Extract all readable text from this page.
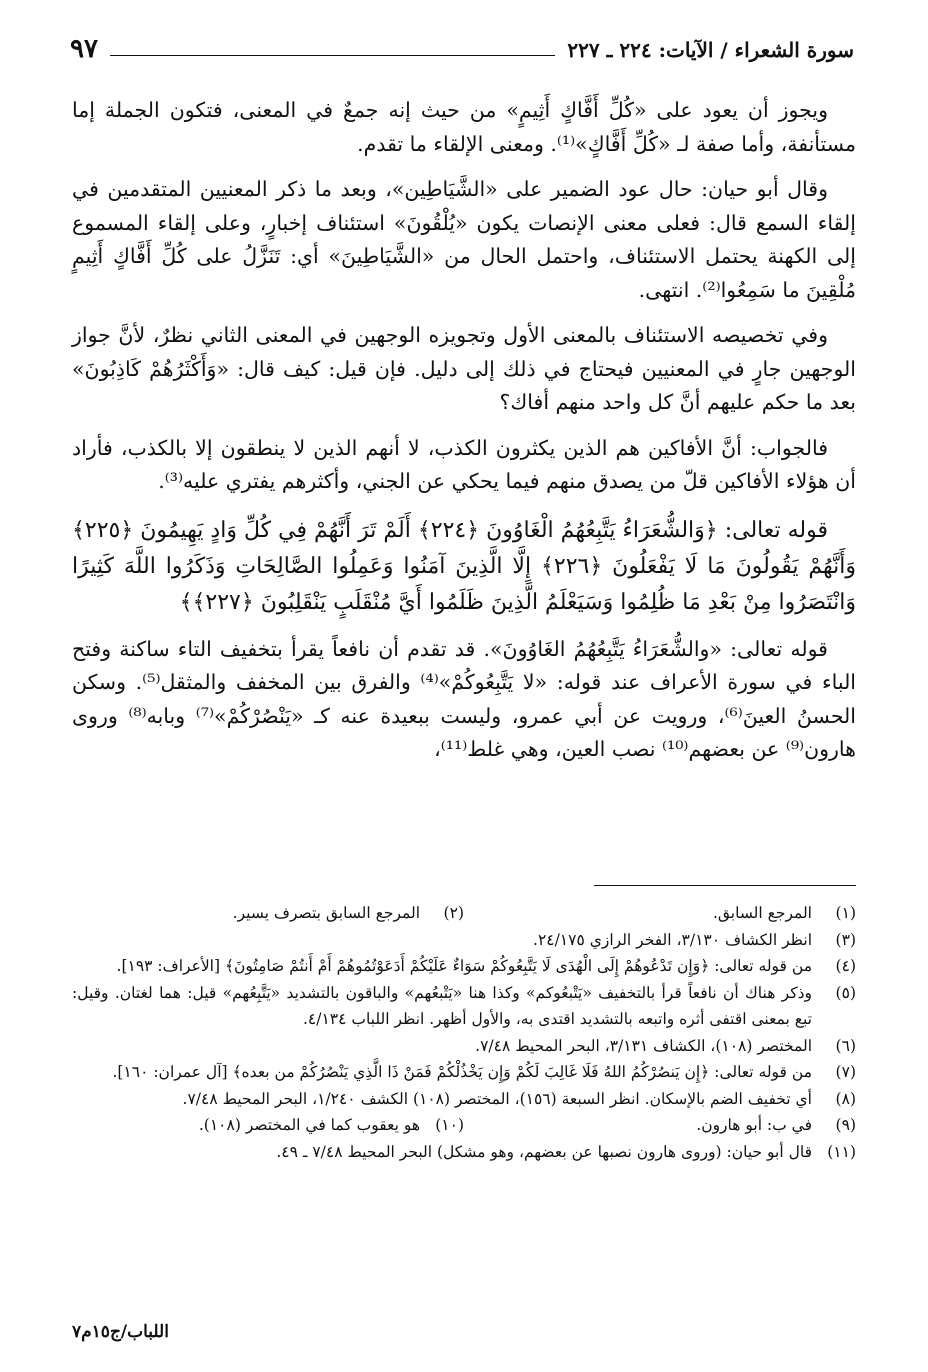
سورة الشعراء / الآيات: ٢٢٤ ـ ٢٢٧
٩٧

ويجوز أن يعود على «كُلِّ أَفَّاكٍ أَثِيمٍ» من حيث إنه جمعٌ في المعنى، فتكون الجملة إما مستأنفة، وأما صفة لـ «كُلِّ أَفَّاكٍ»⁽¹⁾. ومعنى الإلقاء ما تقدم.

وقال أبو حيان: حال عود الضمير على «الشَّيَاطِين»، وبعد ما ذكر المعنيين المتقدمين في إلقاء السمع قال: فعلى معنى الإنصات يكون «يُلْقُونَ» استئناف إخبارٍ، وعلى إلقاء المسموع إلى الكهنة يحتمل الاستئناف، واحتمل الحال من «الشَّيَاطِينَ» أي: تَنَزَّلُ على كُلِّ أَفَّاكٍ أَثِيمٍ مُلْقِينَ ما سَمِعُوا⁽²⁾. انتهى.

وفي تخصيصه الاستئناف بالمعنى الأول وتجويزه الوجهين في المعنى الثاني نظرٌ، لأنَّ جواز الوجهين جارٍ في المعنيين فيحتاج في ذلك إلى دليل. فإن قيل: كيف قال: «وَأَكْثَرُهُمْ كَاذِبُونَ» بعد ما حكم عليهم أنَّ كل واحد منهم أفاك؟

فالجواب: أنَّ الأفاكين هم الذين يكثرون الكذب، لا أنهم الذين لا ينطقون إلا بالكذب، فأراد أن هؤلاء الأفاكين قلّ من يصدق منهم فيما يحكي عن الجني، وأكثرهم يفتري عليه⁽³⁾.

قوله تعالى: ﴿وَالشُّعَرَاءُ يَتَّبِعُهُمُ الْغَاوُونَ ﴿٢٢٤﴾ أَلَمْ تَرَ أَنَّهُمْ فِي كُلِّ وَادٍ يَهِيمُونَ ﴿٢٢٥﴾ وَأَنَّهُمْ يَقُولُونَ مَا لَا يَفْعَلُونَ ﴿٢٢٦﴾ إِلَّا الَّذِينَ آمَنُوا وَعَمِلُوا الصَّالِحَاتِ وَذَكَرُوا اللَّهَ كَثِيرًا وَانْتَصَرُوا مِنْ بَعْدِ مَا ظُلِمُوا وَسَيَعْلَمُ الَّذِينَ ظَلَمُوا أَيَّ مُنْقَلَبٍ يَنْقَلِبُونَ ﴿٢٢٧﴾﴾

قوله تعالى: «والشُّعَرَاءُ يَتَّبِعُهُمُ الغَاوُونَ». قد تقدم أن نافعاً يقرأ بتخفيف التاء ساكنة وفتح الباء في سورة الأعراف عند قوله: «لا يَتَّبِعُوكُمْ»⁽⁴⁾ والفرق بين المخفف والمثقل⁽⁵⁾. وسكن الحسنُ العينَ⁽⁶⁾، ورويت عن أبي عمرو، وليست ببعيدة عنه كـ «يَنْصُرْكُمْ»⁽⁷⁾ وبابه⁽⁸⁾ وروى هارون⁽⁹⁾ عن بعضهم⁽¹⁰⁾ نصب العين، وهي غلط⁽¹¹⁾،

(١)
المرجع السابق.
(٢)
المرجع السابق بتصرف يسير.
(٣)
انظر الكشاف ٣/١٣٠، الفخر الرازي ٢٤/١٧٥.
(٤)
من قوله تعالى: ﴿وَإِن تَدْعُوهُمْ إِلَى الْهُدَى لَا يَتَّبِعُوكُمْ سَوَاءٌ عَلَيْكُمْ أَدَعَوْتُمُوهُمْ أَمْ أَنتُمْ صَامِتُونَ﴾ [الأعراف: ١٩٣].
(٥)
وذكر هناك أن نافعاً قرأ بالتخفيف «يَتْبعُوكم» وكذا هنا «يَتْبعُهم» والباقون بالتشديد «يَتَّبِعُهم» قيل: هما لغتان. وقيل: تبع بمعنى اقتفى أثره واتبعه بالتشديد اقتدى به، والأول أظهر. انظر اللباب ٤/١٣٤.
(٦)
المختصر (١٠٨)، الكشاف ٣/١٣١، البحر المحيط ٧/٤٨.
(٧)
من قوله تعالى: ﴿إِن يَنصُرْكُمُ اللهُ فَلَا غَالِبَ لَكُمْ وَإِن يَخْذُلْكُمْ فَمَنْ ذَا الَّذِي يَنْصُرُكُمْ من بعده﴾ [آل عمران: ١٦٠].
(٨)
أي تخفيف الضم بالإسكان. انظر السبعة (١٥٦)، المختصر (١٠٨) الكشف ١/٢٤٠، البحر المحيط ٧/٤٨.
(٩)
في ب: أبو هارون.
(١٠)
هو يعقوب كما في المختصر (١٠٨).
(١١)
قال أبو حيان: (وروى هارون نصبها عن بعضهم، وهو مشكل) البحر المحيط ٧/٤٨ ـ ٤٩.
اللباب/ج١٥م٧
